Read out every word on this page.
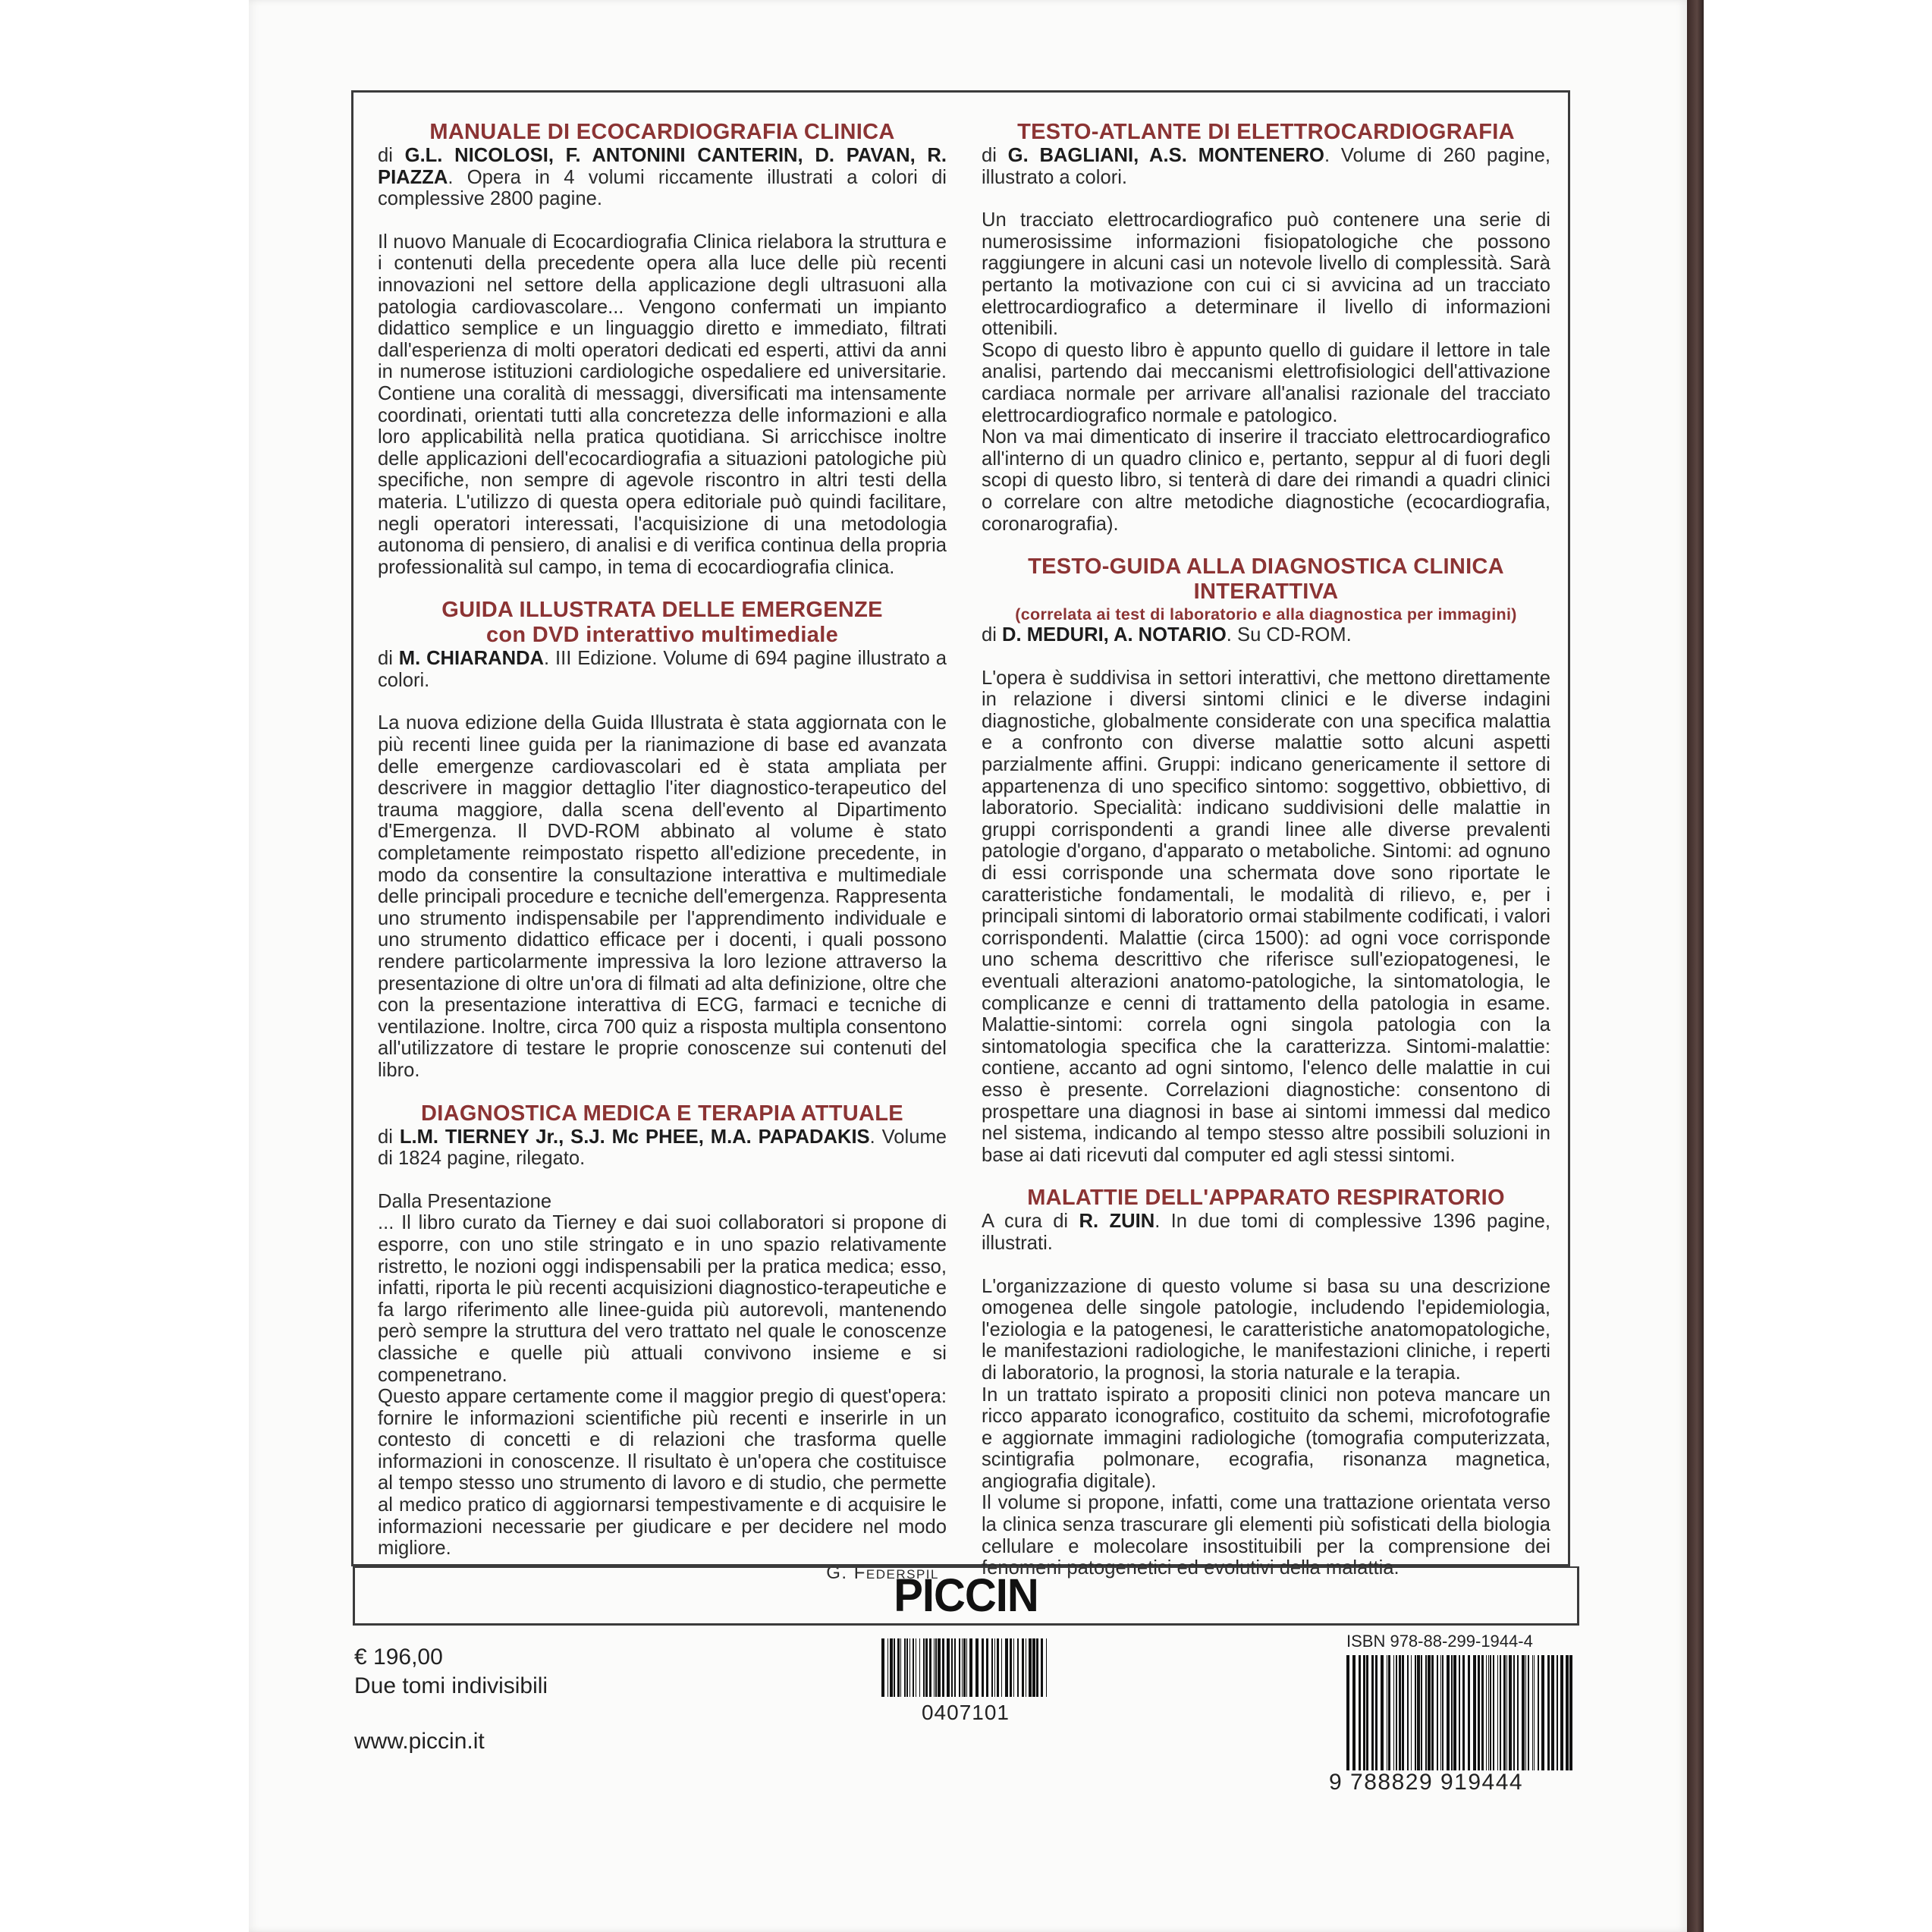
MANUALE DI ECOCARDIOGRAFIA CLINICA

di G.L. NICOLOSI, F. ANTONINI CANTERIN, D. PAVAN, R. PIAZZA. Opera in 4 volumi riccamente illustrati a colori di complessive 2800 pagine.

Il nuovo Manuale di Ecocardiografia Clinica rielabora la struttura e i contenuti della precedente opera alla luce delle più recenti innovazioni nel settore della applicazione degli ultrasuoni alla patologia cardiovascolare... Vengono confermati un impianto didattico semplice e un linguaggio diretto e immediato, filtrati dall'esperienza di molti operatori dedicati ed esperti, attivi da anni in numerose istituzioni cardiologiche ospedaliere ed universitarie. Contiene una coralità di messaggi, diversificati ma intensamente coordinati, orientati tutti alla concretezza delle informazioni e alla loro applicabilità nella pratica quotidiana. Si arricchisce inoltre delle applicazioni dell'ecocardiografia a situazioni patologiche più specifiche, non sempre di agevole riscontro in altri testi della materia. L'utilizzo di questa opera editoriale può quindi facilitare, negli operatori interessati, l'acquisizione di una metodologia autonoma di pensiero, di analisi e di verifica continua della propria professionalità sul campo, in tema di ecocardiografia clinica.

GUIDA ILLUSTRATA DELLE EMERGENZE
con DVD interattivo multimediale

di M. CHIARANDA. III Edizione. Volume di 694 pagine illustrato a colori.

La nuova edizione della Guida Illustrata è stata aggiornata con le più recenti linee guida per la rianimazione di base ed avanzata delle emergenze cardiovascolari ed è stata ampliata per descrivere in maggior dettaglio l'iter diagnostico-terapeutico del trauma maggiore, dalla scena dell'evento al Dipartimento d'Emergenza. Il DVD-ROM abbinato al volume è stato completamente reimpostato rispetto all'edizione precedente, in modo da consentire la consultazione interattiva e multimediale delle principali procedure e tecniche dell'emergenza. Rappresenta uno strumento indispensabile per l'apprendimento individuale e uno strumento didattico efficace per i docenti, i quali possono rendere particolarmente impressiva la loro lezione attraverso la presentazione di oltre un'ora di filmati ad alta definizione, oltre che con la presentazione interattiva di ECG, farmaci e tecniche di ventilazione. Inoltre, circa 700 quiz a risposta multipla consentono all'utilizzatore di testare le proprie conoscenze sui contenuti del libro.

DIAGNOSTICA MEDICA E TERAPIA ATTUALE

di L.M. TIERNEY Jr., S.J. Mc PHEE, M.A. PAPADAKIS. Volume di 1824 pagine, rilegato.

Dalla Presentazione

... Il libro curato da Tierney e dai suoi collaboratori si propone di esporre, con uno stile stringato e in uno spazio relativamente ristretto, le nozioni oggi indispensabili per la pratica medica; esso, infatti, riporta le più recenti acquisizioni diagnostico-terapeutiche e fa largo riferimento alle linee-guida più autorevoli, mantenendo però sempre la struttura del vero trattato nel quale le conoscenze classiche e quelle più attuali convivono insieme e si compenetrano.

Questo appare certamente come il maggior pregio di quest'opera: fornire le informazioni scientifiche più recenti e inserirle in un contesto di concetti e di relazioni che trasforma quelle informazioni in conoscenze. Il risultato è un'opera che costituisce al tempo stesso uno strumento di lavoro e di studio, che permette al medico pratico di aggiornarsi tempestivamente e di acquisire le informazioni necessarie per giudicare e per decidere nel modo migliore.

G. Federspil
TESTO-ATLANTE DI ELETTROCARDIOGRAFIA

di G. BAGLIANI, A.S. MONTENERO. Volume di 260 pagine, illustrato a colori.

Un tracciato elettrocardiografico può contenere una serie di numerosissime informazioni fisiopatologiche che possono raggiungere in alcuni casi un notevole livello di complessità. Sarà pertanto la motivazione con cui ci si avvicina ad un tracciato elettrocardiografico a determinare il livello di informazioni ottenibili.

Scopo di questo libro è appunto quello di guidare il lettore in tale analisi, partendo dai meccanismi elettrofisiologici dell'attivazione cardiaca normale per arrivare all'analisi razionale del tracciato elettrocardiografico normale e patologico.

Non va mai dimenticato di inserire il tracciato elettrocardiografico all'interno di un quadro clinico e, pertanto, seppur al di fuori degli scopi di questo libro, si tenterà di dare dei rimandi a quadri clinici o correlare con altre metodiche diagnostiche (ecocardiografia, coronarografia).

TESTO-GUIDA ALLA DIAGNOSTICA CLINICA INTERATTIVA
(correlata ai test di laboratorio e alla diagnostica per immagini)

di D. MEDURI, A. NOTARIO. Su CD-ROM.

L'opera è suddivisa in settori interattivi, che mettono direttamente in relazione i diversi sintomi clinici e le diverse indagini diagnostiche, globalmente considerate con una specifica malattia e a confronto con diverse malattie sotto alcuni aspetti parzialmente affini. Gruppi: indicano genericamente il settore di appartenenza di uno specifico sintomo: soggettivo, obbiettivo, di laboratorio. Specialità: indicano suddivisioni delle malattie in gruppi corrispondenti a grandi linee alle diverse prevalenti patologie d'organo, d'apparato o metaboliche. Sintomi: ad ognuno di essi corrisponde una schermata dove sono riportate le caratteristiche fondamentali, le modalità di rilievo, e, per i principali sintomi di laboratorio ormai stabilmente codificati, i valori corrispondenti. Malattie (circa 1500): ad ogni voce corrisponde uno schema descrittivo che riferisce sull'eziopatogenesi, le eventuali alterazioni anatomo-patologiche, la sintomatologia, le complicanze e cenni di trattamento della patologia in esame. Malattie-sintomi: correla ogni singola patologia con la sintomatologia specifica che la caratterizza. Sintomi-malattie: contiene, accanto ad ogni sintomo, l'elenco delle malattie in cui esso è presente. Correlazioni diagnostiche: consentono di prospettare una diagnosi in base ai sintomi immessi dal medico nel sistema, indicando al tempo stesso altre possibili soluzioni in base ai dati ricevuti dal computer ed agli stessi sintomi.

MALATTIE DELL'APPARATO RESPIRATORIO

A cura di R. ZUIN. In due tomi di complessive 1396 pagine, illustrati.

L'organizzazione di questo volume si basa su una descrizione omogenea delle singole patologie, includendo l'epidemiologia, l'eziologia e la patogenesi, le caratteristiche anatomopatologiche, le manifestazioni radiologiche, le manifestazioni cliniche, i reperti di laboratorio, la prognosi, la storia naturale e la terapia.

In un trattato ispirato a propositi clinici non poteva mancare un ricco apparato iconografico, costituito da schemi, microfotografie e aggiornate immagini radiologiche (tomografia computerizzata, scintigrafia polmonare, ecografia, risonanza magnetica, angiografia digitale).

Il volume si propone, infatti, come una trattazione orientata verso la clinica senza trascurare gli elementi più sofisticati della biologia cellulare e molecolare insostituibili per la comprensione dei fenomeni patogenetici ed evolutivi della malattia.

PICCIN
€ 196,00
Due tomi indivisibili
www.piccin.it
0407101
ISBN 978-88-299-1944-4
9 788829 919444
